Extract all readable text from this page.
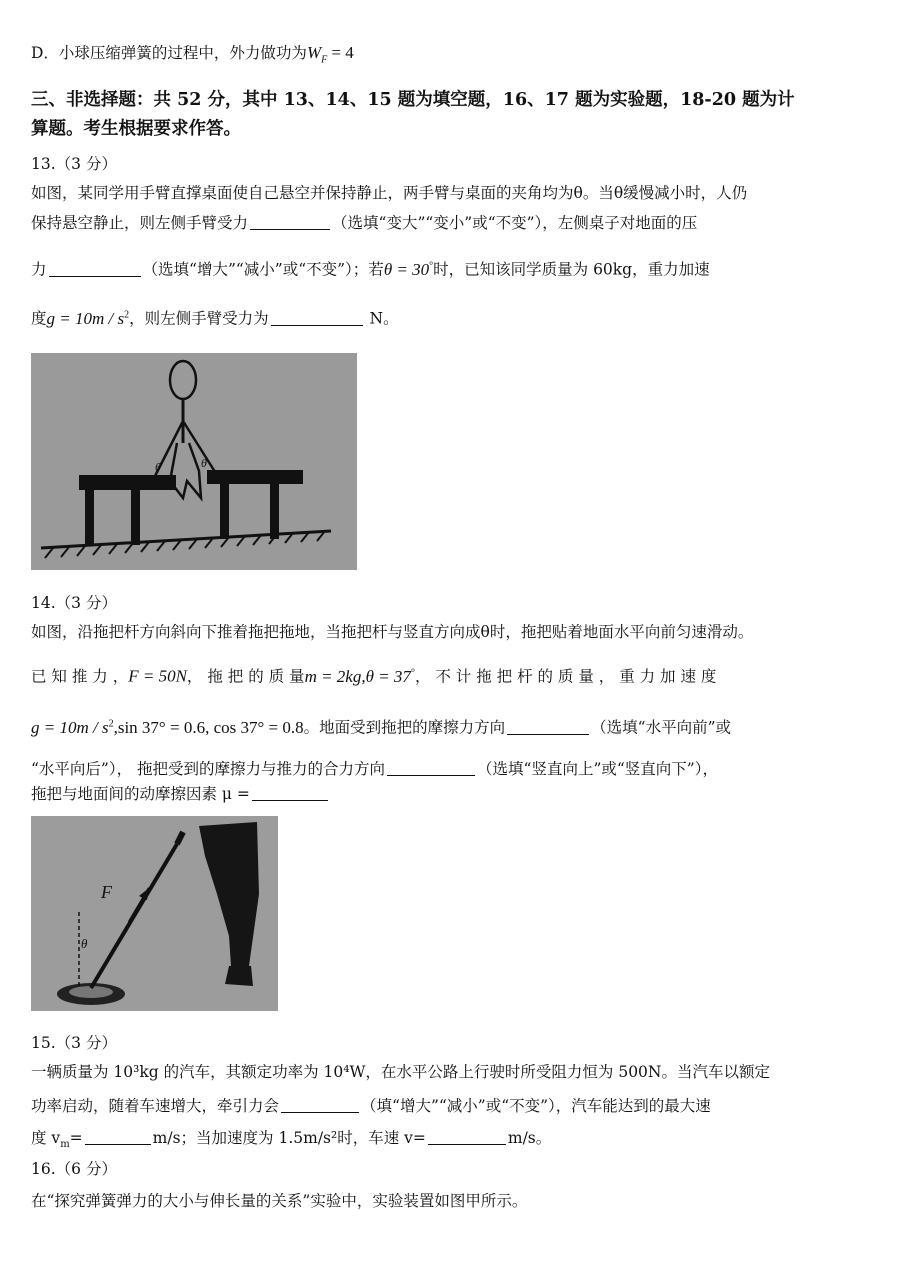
D．小球压缩弹簧的过程中，外力做功为$W_F = 4$
三、非选择题：共 52 分，其中 13、14、15 题为填空题，16、17 题为实验题，18-20 题为计
算题。考生根据要求作答。
13.（3 分）
如图，某同学用手臂直撑桌面使自己悬空并保持静止，两手臂与桌面的夹角均为θ。当θ缓慢减小时，人仍
保持悬空静止，则左侧手臂受力	（选填“变大”“变小”或“不变”），左侧桌子对地面的压
力	（选填“增大”“减小”或“不变”）；若θ = 30°时，已知该同学质量为 60kg，重力加速
度$g = 10m / s^2$，则左侧手臂受力为	N。
θ	θ
14.（3 分）
如图，沿拖把杆方向斜向下推着拖把拖地，当拖把杆与竖直方向成θ时，拖把贴着地面水平向前匀速滑动。
已 知 推 力 ，F = 50N， 拖 把 的 质 量m = 2kg,θ = 37°， 不 计 拖 把 杆 的 质 量 ， 重 力 加 速 度
$g = 10m / s^2,\sin$ 37° = 0.6, cos 37° = 0.8。地面受到拖把的摩擦力方向	（选填“水平向前”或
“水平向后”）， 拖把受到的摩擦力与推力的合力方向	（选填“竖直向上”或“竖直向下”），
拖把与地面间的动摩擦因素 μ =
F
θ
15.（3 分）
一辆质量为 10³kg 的汽车，其额定功率为 10⁴W，在水平公路上行驶时所受阻力恒为 500N。当汽车以额定
功率启动，随着车速增大，牵引力会	（填“增大”“减小”或“不变”），汽车能达到的最大速
度 $v_m=$	m/s；当加速度为 1.5m/s²时，车速 v=	m/s。
16.（6 分）
在“探究弹簧弹力的大小与伸长量的关系”实验中，实验装置如图甲所示。
